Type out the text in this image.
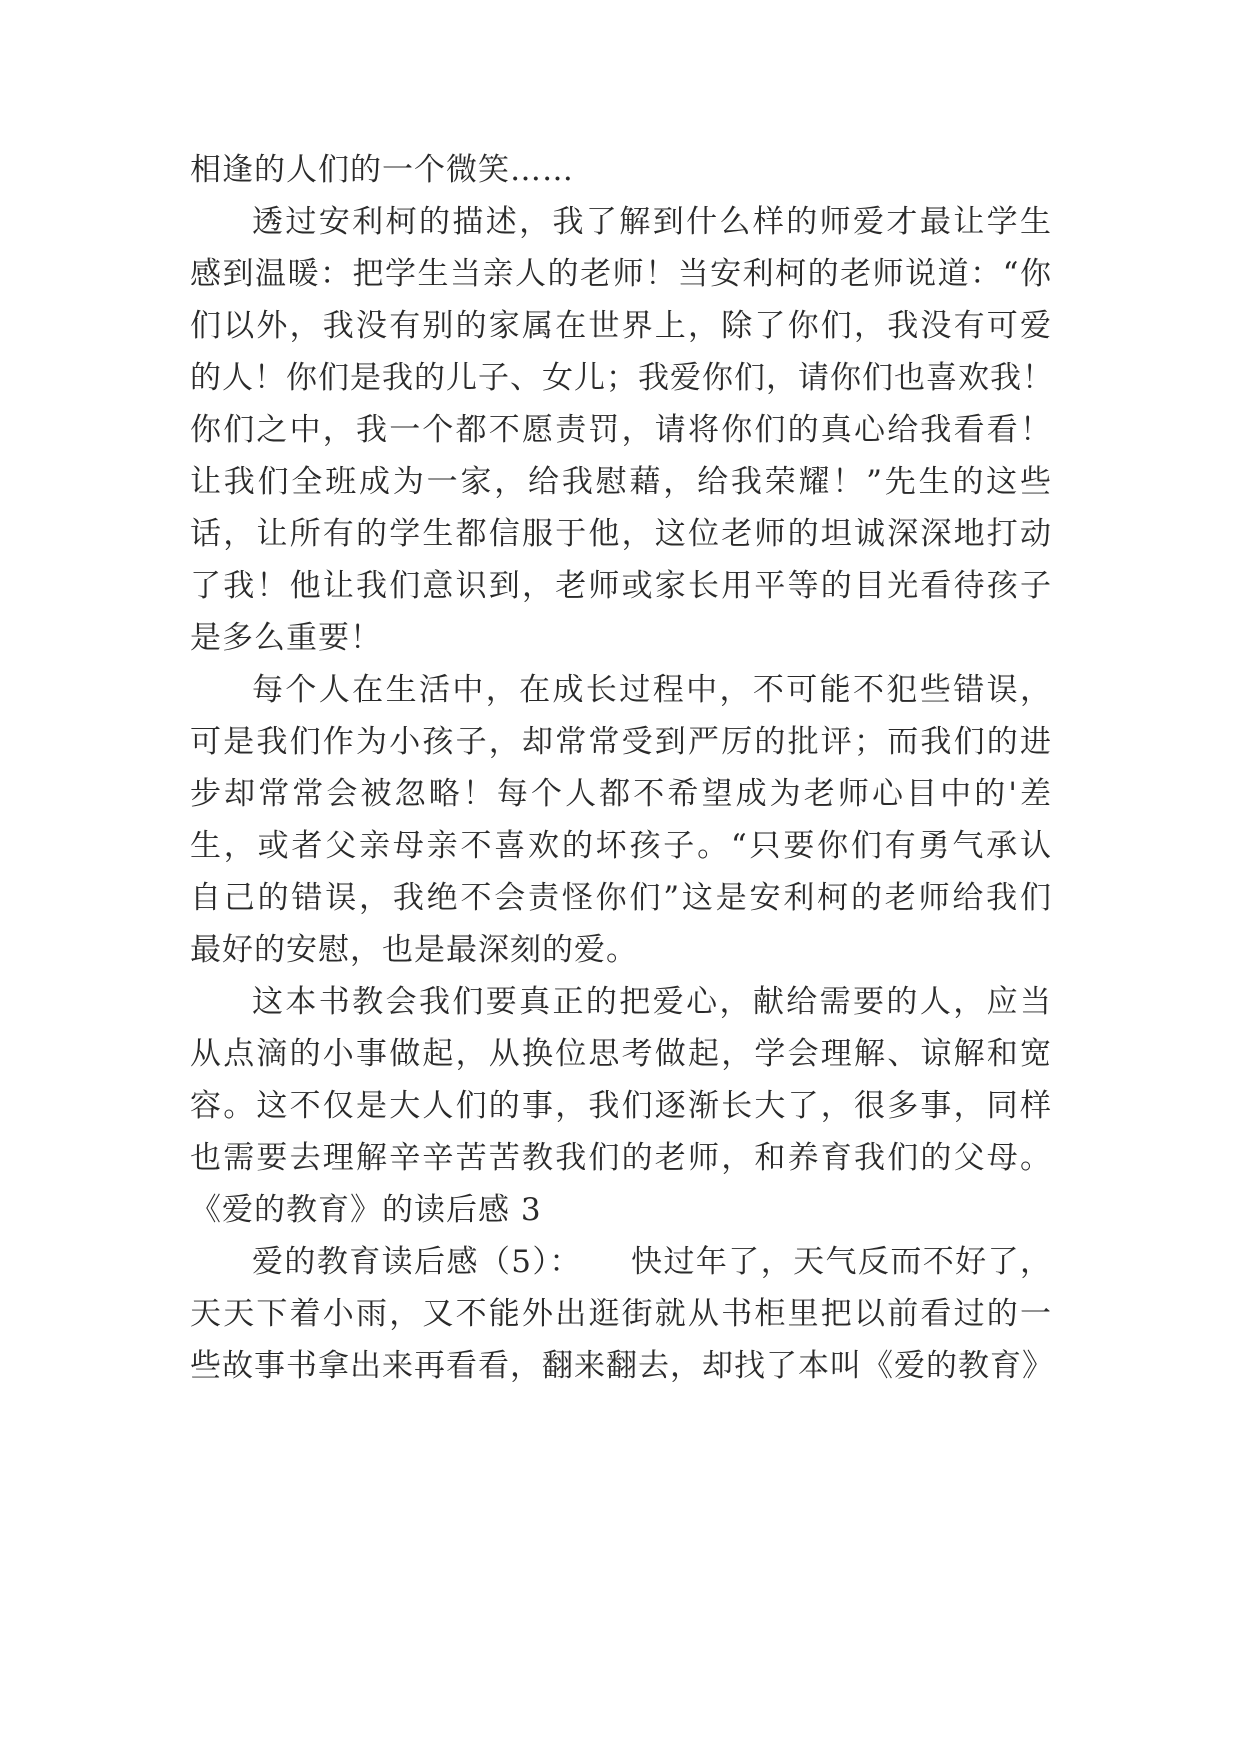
相逢的人们的一个微笑……
透过安利柯的描述，我了解到什么样的师爱才最让学生
感到温暖：把学生当亲人的老师！当安利柯的老师说道：“你
们以外，我没有别的家属在世界上，除了你们，我没有可爱
的人！你们是我的儿子、女儿；我爱你们，请你们也喜欢我！
你们之中，我一个都不愿责罚，请将你们的真心给我看看！
让我们全班成为一家，给我慰藉，给我荣耀！”先生的这些
话，让所有的学生都信服于他，这位老师的坦诚深深地打动
了我！他让我们意识到，老师或家长用平等的目光看待孩子
是多么重要！
每个人在生活中，在成长过程中，不可能不犯些错误，
可是我们作为小孩子，却常常受到严厉的批评；而我们的进
步却常常会被忽略！每个人都不希望成为老师心目中的'差
生，或者父亲母亲不喜欢的坏孩子。“只要你们有勇气承认
自己的错误，我绝不会责怪你们”这是安利柯的老师给我们
最好的安慰，也是最深刻的爱。
这本书教会我们要真正的把爱心，献给需要的人，应当
从点滴的小事做起，从换位思考做起，学会理解、谅解和宽
容。这不仅是大人们的事，我们逐渐长大了，很多事，同样
也需要去理解辛辛苦苦教我们的老师，和养育我们的父母。
《爱的教育》的读后感 3
爱的教育读后感（5）：　　快过年了，天气反而不好了，
天天下着小雨，又不能外出逛街就从书柜里把以前看过的一
些故事书拿出来再看看，翻来翻去，却找了本叫《爱的教育》
